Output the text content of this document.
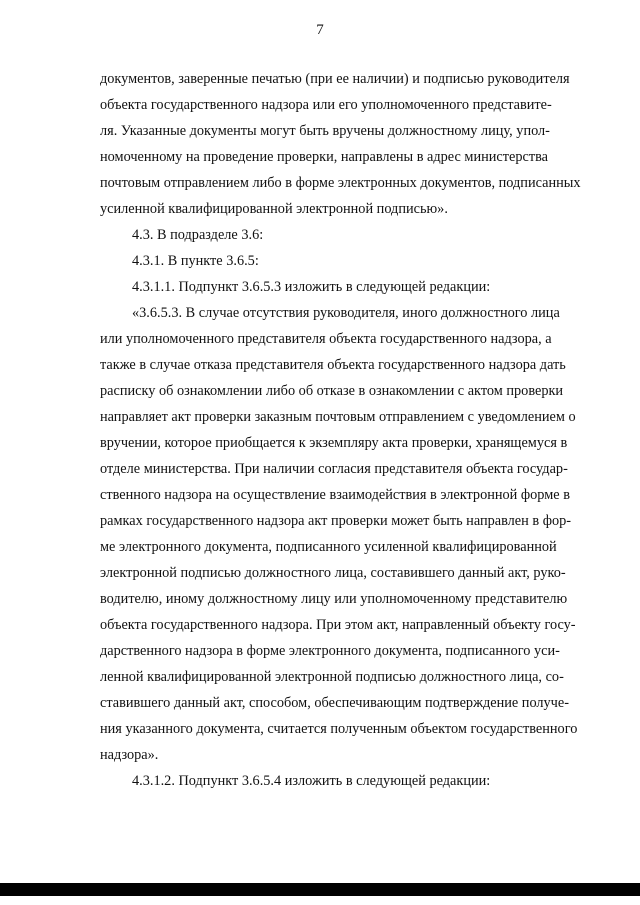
7
документов, заверенные печатью (при ее наличии) и подписью руководителя
объекта государственного надзора или его уполномоченного представите-
ля. Указанные документы могут быть вручены должностному лицу, упол-
номоченному на проведение проверки, направлены в адрес министерства
почтовым отправлением либо в форме электронных документов, подписанных
усиленной квалифицированной электронной подписью».
4.3. В подразделе 3.6:
4.3.1. В пункте 3.6.5:
4.3.1.1. Подпункт 3.6.5.3 изложить в следующей редакции:
«3.6.5.3. В случае отсутствия руководителя, иного должностного лица
или уполномоченного представителя объекта государственного надзора, а
также в случае отказа представителя объекта государственного надзора дать
расписку об ознакомлении либо об отказе в ознакомлении с актом проверки
направляет акт проверки заказным почтовым отправлением с уведомлением о
вручении, которое приобщается к экземпляру акта проверки, хранящемуся в
отделе министерства. При наличии согласия представителя объекта государ-
ственного надзора на осуществление взаимодействия в электронной форме в
рамках государственного надзора акт проверки может быть направлен в фор-
ме электронного документа, подписанного усиленной квалифицированной
электронной подписью должностного лица, составившего данный акт, руко-
водителю, иному должностному лицу или уполномоченному представителю
объекта государственного надзора. При этом акт, направленный объекту госу-
дарственного надзора в форме электронного документа, подписанного уси-
ленной квалифицированной электронной подписью должностного лица, со-
ставившего данный акт, способом, обеспечивающим подтверждение получе-
ния указанного документа, считается полученным объектом государственного
надзора».
4.3.1.2. Подпункт 3.6.5.4 изложить в следующей редакции:
